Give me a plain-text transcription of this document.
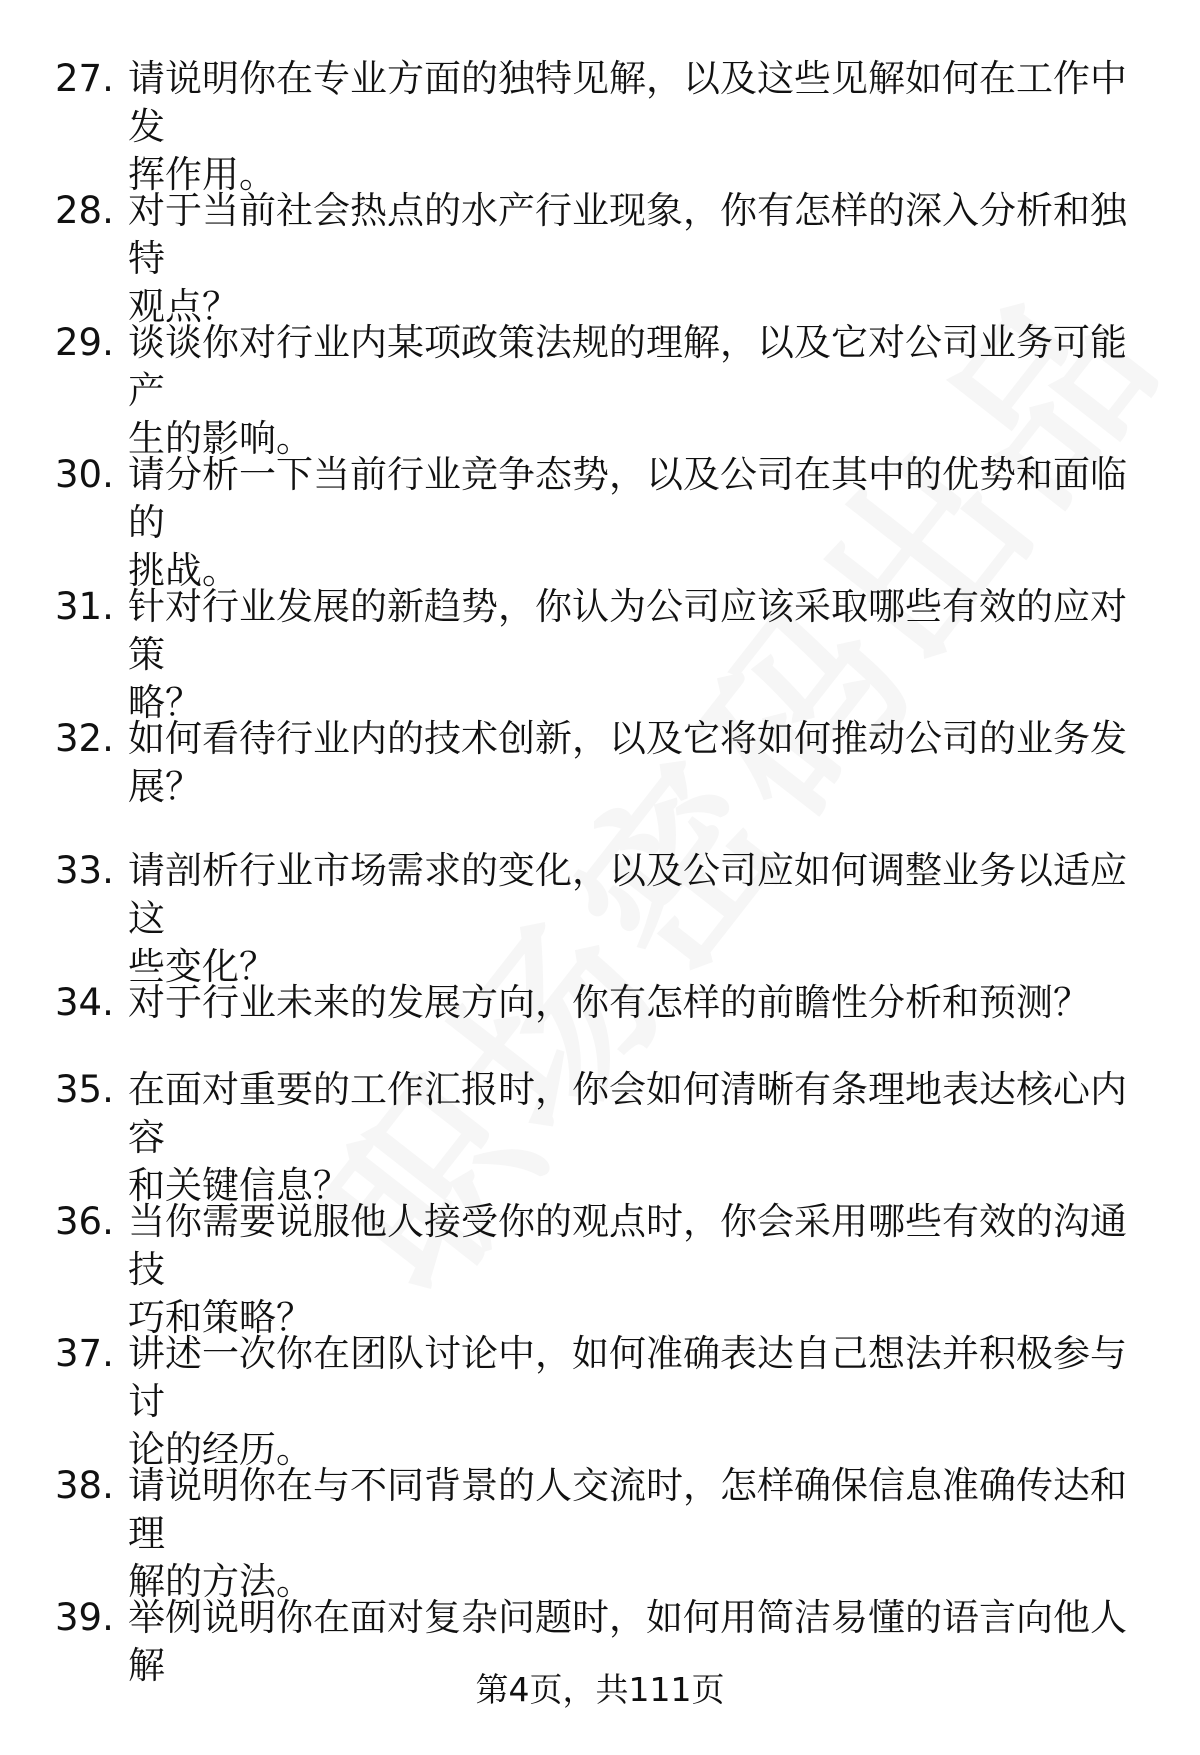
27. 请说明你在专业方面的独特见解，以及这些见解如何在工作中发
挥作用。
28. 对于当前社会热点的水产行业现象，你有怎样的深入分析和独特
观点？
29. 谈谈你对行业内某项政策法规的理解，以及它对公司业务可能产
生的影响。
30. 请分析一下当前行业竞争态势，以及公司在其中的优势和面临的
挑战。
31. 针对行业发展的新趋势，你认为公司应该采取哪些有效的应对策
略？
32. 如何看待行业内的技术创新，以及它将如何推动公司的业务发
展？
33. 请剖析行业市场需求的变化，以及公司应如何调整业务以适应这
些变化？
34. 对于行业未来的发展方向，你有怎样的前瞻性分析和预测？
35. 在面对重要的工作汇报时，你会如何清晰有条理地表达核心内容
和关键信息？
36. 当你需要说服他人接受你的观点时，你会采用哪些有效的沟通技
巧和策略？
37. 讲述一次你在团队讨论中，如何准确表达自己想法并积极参与讨
论的经历。
38. 请说明你在与不同背景的人交流时，怎样确保信息准确传达和理
解的方法。
39. 举例说明你在面对复杂问题时，如何用简洁易懂的语言向他人解
第4页，共111页
